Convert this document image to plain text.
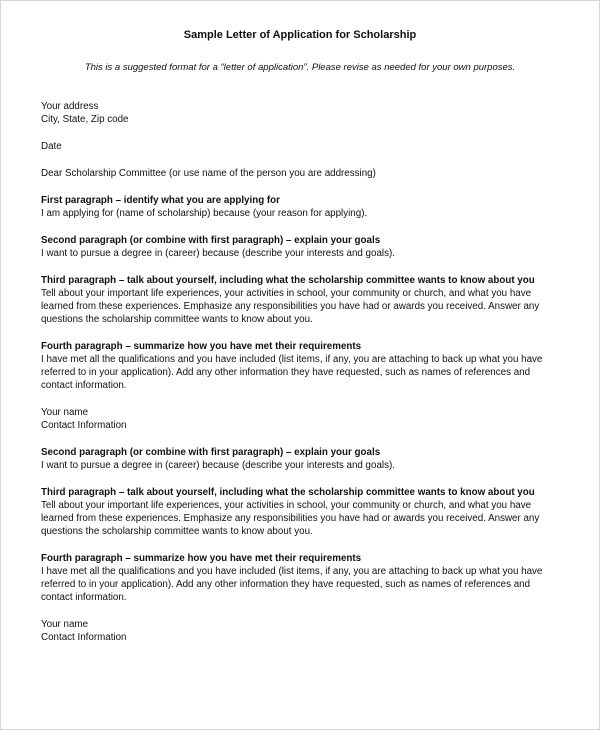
Sample Letter of Application for Scholarship
This is a suggested format for a “letter of application”. Please revise as needed for your own purposes.

Your address

City, State, Zip code

Date

Dear Scholarship Committee (or use name of the person you are addressing)

First paragraph – identify what you are applying for

I am applying for (name of scholarship) because (your reason for applying).

Second paragraph (or combine with first paragraph) – explain your goals

I want to pursue a degree in (career) because (describe your interests and goals).

Third paragraph – talk about yourself, including what the scholarship committee wants to know about you

Tell about your important life experiences, your activities in school, your community or church, and what you have

learned from these experiences. Emphasize any responsibilities you have had or awards you received. Answer any

questions the scholarship committee wants to know about you.

Fourth paragraph – summarize how you have met their requirements

I have met all the qualifications and you have included (list items, if any, you are attaching to back up what you have

referred to in your application). Add any other information they have requested, such as names of references and

contact information.

Your name

Contact Information

Second paragraph (or combine with first paragraph) – explain your goals

I want to pursue a degree in (career) because (describe your interests and goals).

Third paragraph – talk about yourself, including what the scholarship committee wants to know about you

Tell about your important life experiences, your activities in school, your community or church, and what you have

learned from these experiences. Emphasize any responsibilities you have had or awards you received. Answer any

questions the scholarship committee wants to know about you.

Fourth paragraph – summarize how you have met their requirements

I have met all the qualifications and you have included (list items, if any, you are attaching to back up what you have

referred to in your application). Add any other information they have requested, such as names of references and

contact information.

Your name

Contact Information
